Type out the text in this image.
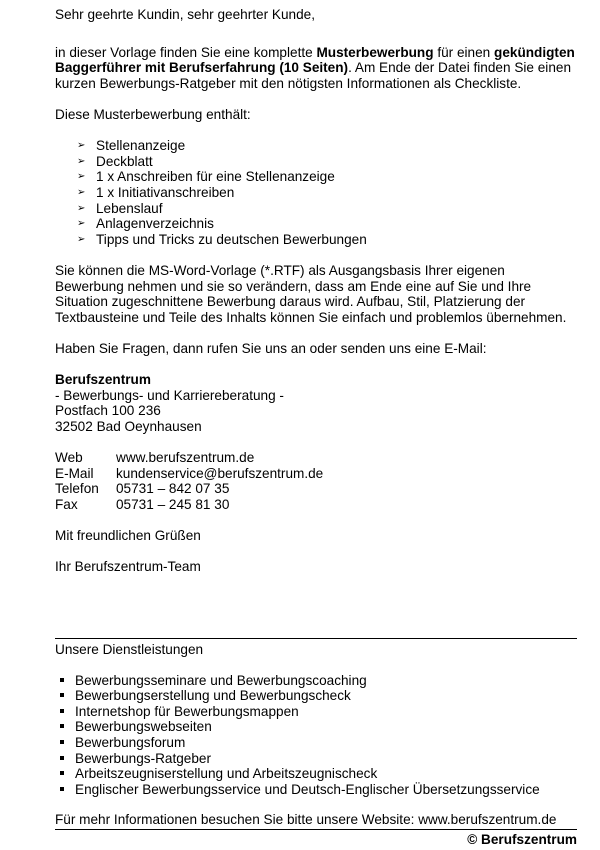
Sehr geehrte Kundin, sehr geehrter Kunde,

in dieser Vorlage finden Sie eine komplette Musterbewerbung für einen gekündigten Baggerführer mit Berufserfahrung (10 Seiten). Am Ende der Datei finden Sie einen kurzen Bewerbungs-Ratgeber mit den nötigsten Informationen als Checkliste.

Diese Musterbewerbung enthält:

➢ Stellenanzeige
➢ Deckblatt
➢ 1 x Anschreiben für eine Stellenanzeige
➢ 1 x Initiativanschreiben
➢ Lebenslauf
➢ Anlagenverzeichnis
➢ Tipps und Tricks zu deutschen Bewerbungen

Sie können die MS-Word-Vorlage (*.RTF) als Ausgangsbasis Ihrer eigenen Bewerbung nehmen und sie so verändern, dass am Ende eine auf Sie und Ihre Situation zugeschnittene Bewerbung daraus wird. Aufbau, Stil, Platzierung der Textbausteine und Teile des Inhalts können Sie einfach und problemlos übernehmen.

Haben Sie Fragen, dann rufen Sie uns an oder senden uns eine E-Mail:

Berufszentrum

- Bewerbungs- und Karriereberatung -

Postfach 100 236

32502 Bad Oeynhausen

Web	www.berufszentrum.de
E-Mail	kundenservice@berufszentrum.de
Telefon	05731 – 842 07 35
Fax	05731 – 245 81 30

Mit freundlichen Grüßen

Ihr Berufszentrum-Team

Unsere Dienstleistungen

Bewerbungsseminare und Bewerbungscoaching
Bewerbungserstellung und Bewerbungscheck
Internetshop für Bewerbungsmappen
Bewerbungswebseiten
Bewerbungsforum
Bewerbungs-Ratgeber
Arbeitszeugniserstellung und Arbeitszeugnischeck
Englischer Bewerbungsservice und Deutsch-Englischer Übersetzungsservice

Für mehr Informationen besuchen Sie bitte unsere Website: www.berufszentrum.de

© Berufszentrum
